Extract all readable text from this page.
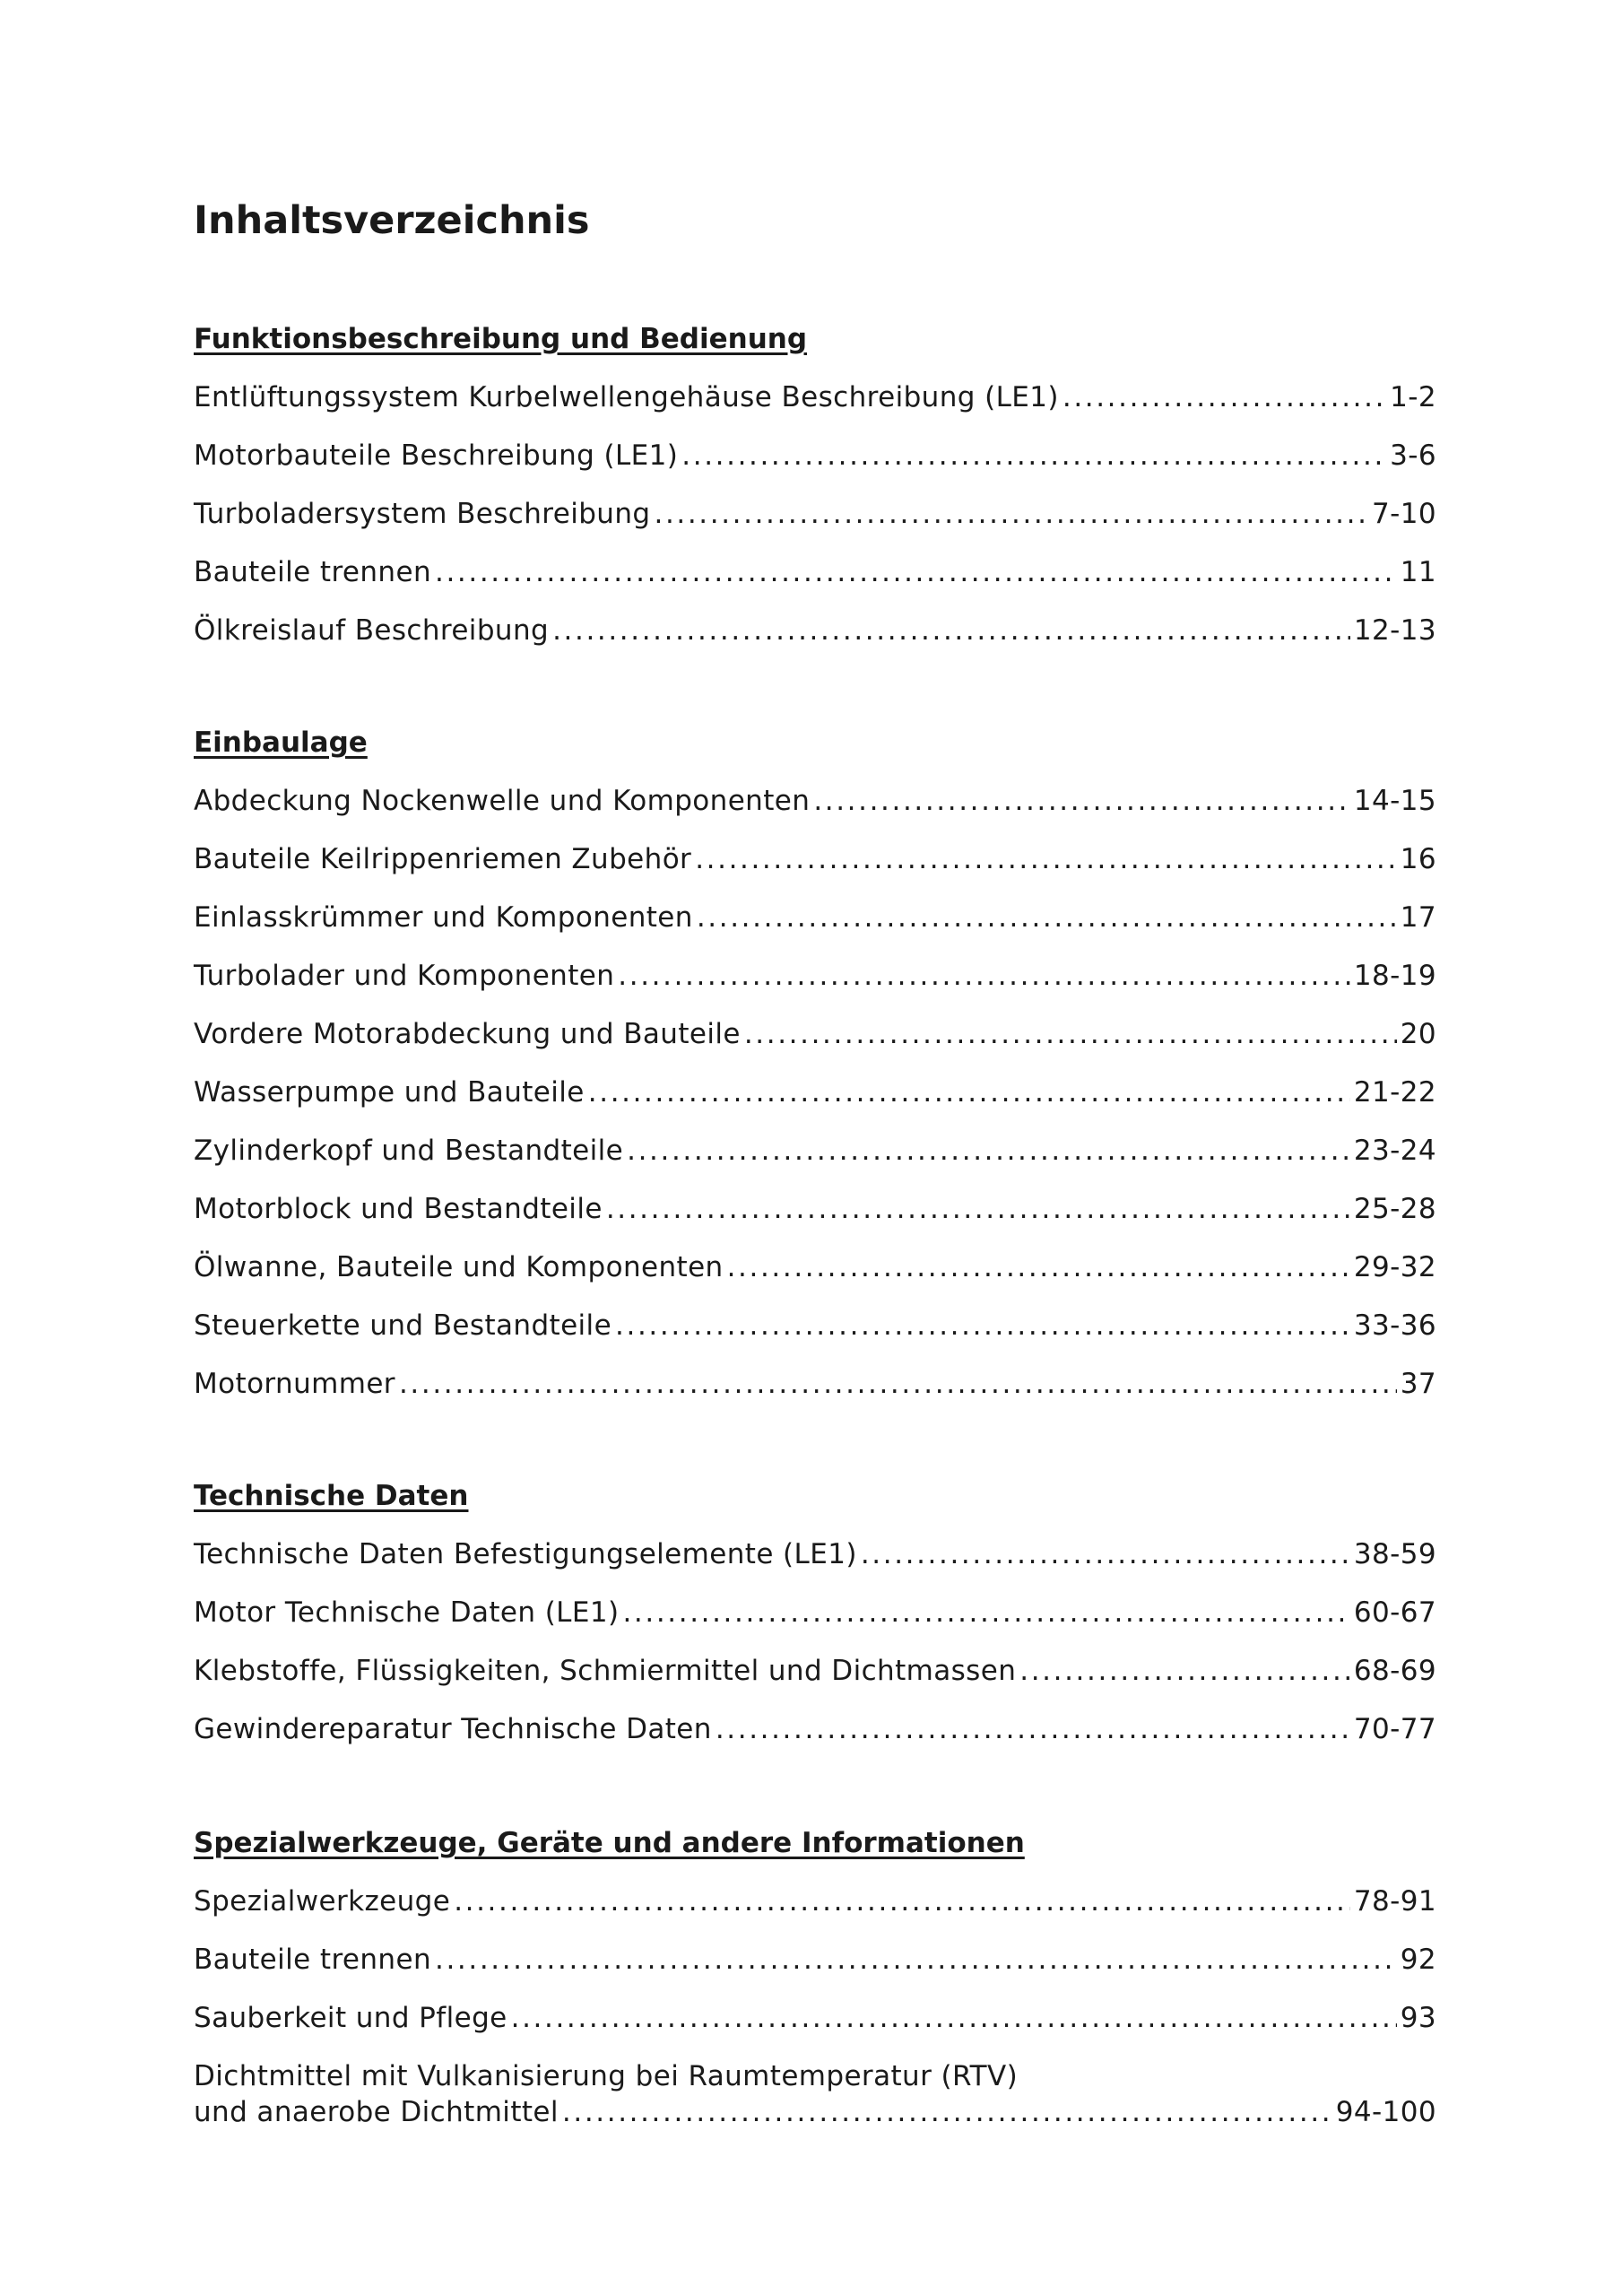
Inhaltsverzeichnis
Funktionsbeschreibung und Bedienung
Entlüftungssystem Kurbelwellengehäuse Beschreibung (LE1) .....	1-2
Motorbauteile Beschreibung (LE1) .....	3-6
Turboladersystem Beschreibung .....	7-10
Bauteile trennen .....	11
Ölkreislauf Beschreibung .....	12-13
Einbaulage
Abdeckung Nockenwelle und Komponenten .....	14-15
Bauteile Keilrippenriemen Zubehör .....	16
Einlasskrümmer und Komponenten .....	17
Turbolader und Komponenten .....	18-19
Vordere Motorabdeckung und Bauteile .....	20
Wasserpumpe und Bauteile .....	21-22
Zylinderkopf und Bestandteile .....	23-24
Motorblock und Bestandteile .....	25-28
Ölwanne, Bauteile und Komponenten .....	29-32
Steuerkette und Bestandteile .....	33-36
Motornummer .....	37
Technische Daten
Technische Daten Befestigungselemente (LE1) .....	38-59
Motor Technische Daten (LE1) .....	60-67
Klebstoffe, Flüssigkeiten, Schmiermittel und Dichtmassen .....	68-69
Gewindereparatur Technische Daten .....	70-77
Spezialwerkzeuge, Geräte und andere Informationen
Spezialwerkzeuge .....	78-91
Bauteile trennen .....	92
Sauberkeit und Pflege .....	93
Dichtmittel mit Vulkanisierung bei Raumtemperatur (RTV)
und anaerobe Dichtmittel .....	94-100
